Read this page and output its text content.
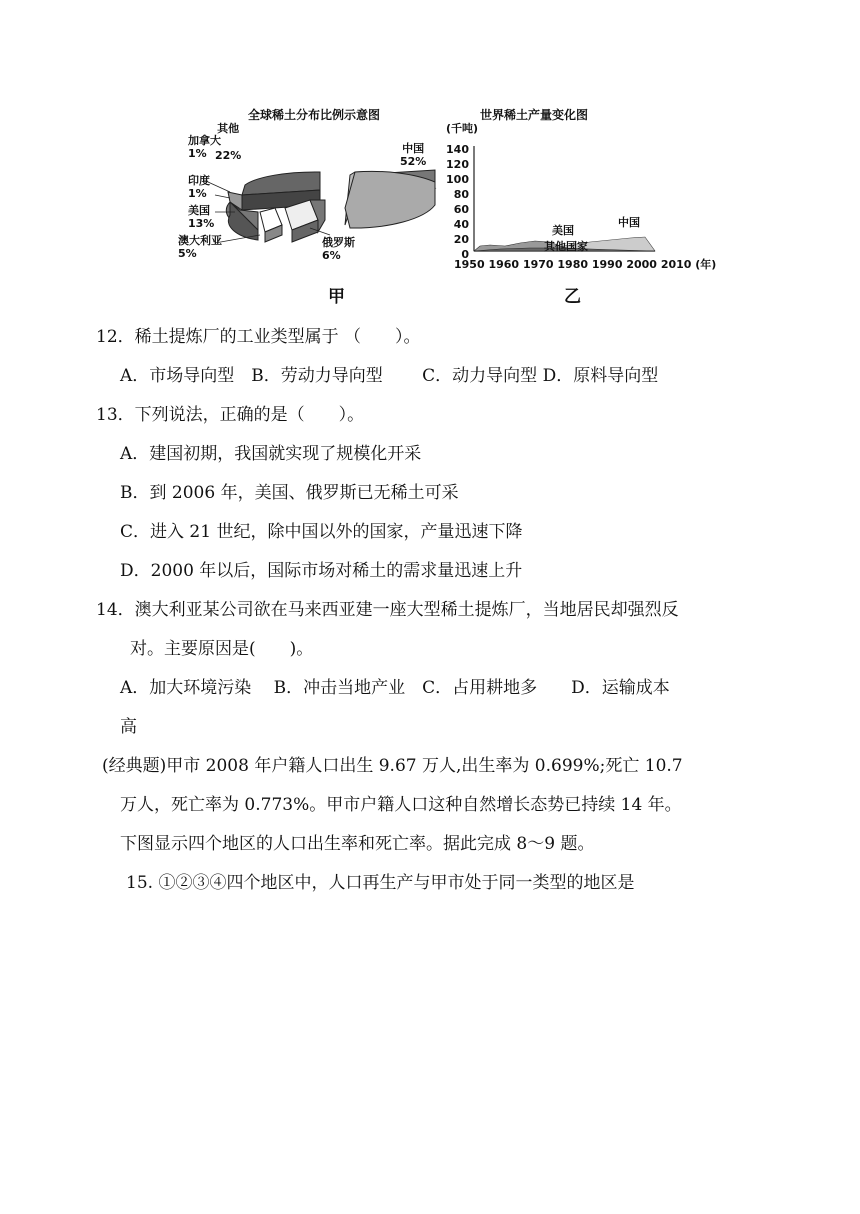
全球稀土分布比例示意图
加拿大
1%
其他
22%
印度
1%
美国
13%
澳大利亚
5%
俄罗斯
6%
中国
52%
甲
世界稀土产量变化图
(千吨)
140
120
100
80
60
40
20
0
1950 1960 1970 1980 1990 2000 2010 (年)
中国
美国
其他国家
乙
12．稀土提炼厂的工业类型属于 （　　）。
A．市场导向型　B．劳动力导向型　　 C．动力导向型 D．原料导向型
13．下列说法，正确的是（　　）。
A．建国初期，我国就实现了规模化开采
B．到 2006 年，美国、俄罗斯已无稀土可采
C．进入 21 世纪，除中国以外的国家，产量迅速下降
D．2000 年以后，国际市场对稀土的需求量迅速上升
14．澳大利亚某公司欲在马来西亚建一座大型稀土提炼厂，当地居民却强烈反
对。主要原因是(　　)。
A．加大环境污染　 B．冲击当地产业　C．占用耕地多　　D．运输成本
高
(经典题)甲市 2008 年户籍人口出生 9.67 万人,出生率为 0.699%;死亡 10.7
万人，死亡率为 0.773%。甲市户籍人口这种自然增长态势已持续 14 年。
下图显示四个地区的人口出生率和死亡率。据此完成 8～9 题。
15. ①②③④四个地区中，人口再生产与甲市处于同一类型的地区是
